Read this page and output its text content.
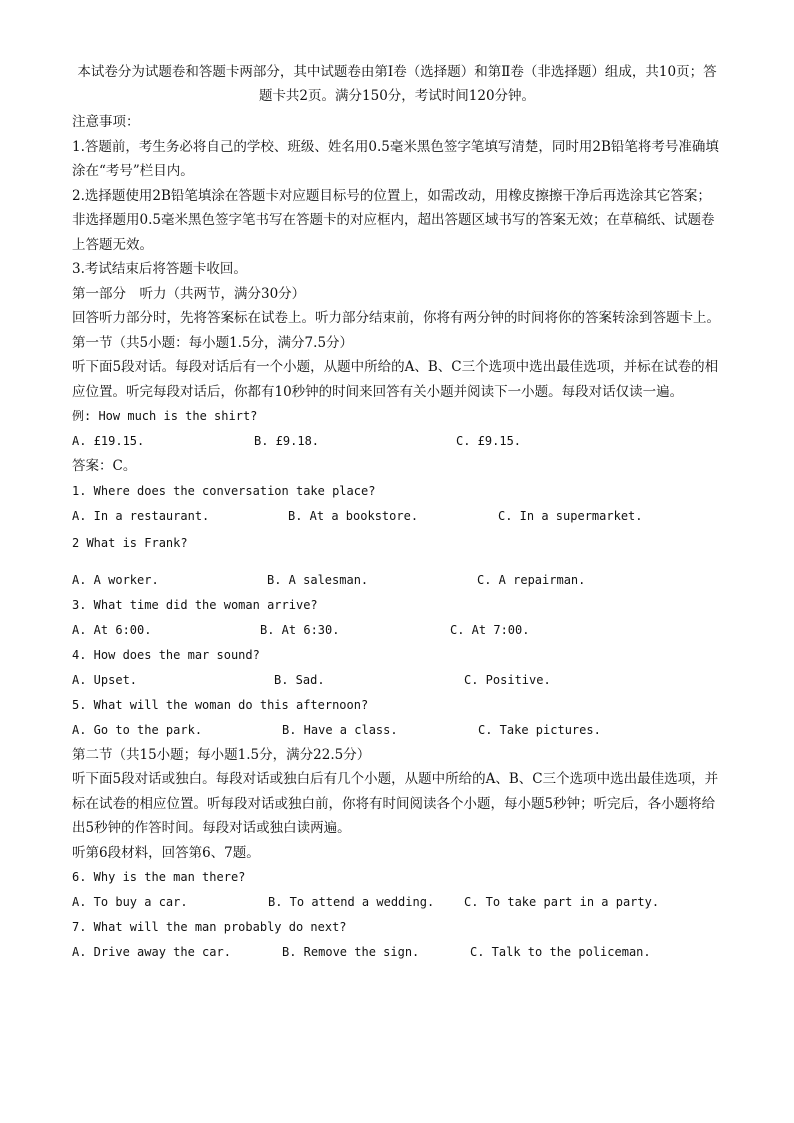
本试卷分为试题卷和答题卡两部分，其中试题卷由第Ⅰ卷（选择题）和第Ⅱ卷（非选择题）组成，共10页；答题卡共2页。满分150分，考试时间120分钟。

注意事项：

1.答题前，考生务必将自己的学校、班级、姓名用0.5毫米黑色签字笔填写清楚，同时用2B铅笔将考号准确填涂在“考号”栏目内。

2.选择题使用2B铅笔填涂在答题卡对应题目标号的位置上，如需改动，用橡皮擦擦干净后再选涂其它答案；非选择题用0.5毫米黑色签字笔书写在答题卡的对应框内，超出答题区域书写的答案无效；在草稿纸、试题卷上答题无效。

3.考试结束后将答题卡收回。

第一部分　听力（共两节，满分30分）

回答听力部分时，先将答案标在试卷上。听力部分结束前，你将有两分钟的时间将你的答案转涂到答题卡上。

第一节（共5小题：每小题1.5分，满分7.5分）

听下面5段对话。每段对话后有一个小题，从题中所给的A、B、C三个选项中选出最佳选项，并标在试卷的相应位置。听完每段对话后，你都有10秒钟的时间来回答有关小题并阅读下一小题。每段对话仅读一遍。

例: How much is the shirt?

A. £19.15.	B. £9.18.	C. £9.15.

答案：C。

1. Where does the conversation take place?

A. In a restaurant.	B. At a bookstore.	C. In a supermarket.

2 What is Frank?

A. A worker.	B. A salesman.	C. A repairman.

3. What time did the woman arrive?

A. At 6:00.	B. At 6:30.	C. At 7:00.

4. How does the mar sound?

A. Upset.	B. Sad.	C. Positive.

5. What will the woman do this afternoon?

A. Go to the park.	B. Have a class.	C. Take pictures.

第二节（共15小题；每小题1.5分，满分22.5分）

听下面5段对话或独白。每段对话或独白后有几个小题，从题中所给的A、B、C三个选项中选出最佳选项，并标在试卷的相应位置。听每段对话或独白前，你将有时间阅读各个小题，每小题5秒钟；听完后，各小题将给出5秒钟的作答时间。每段对话或独白读两遍。

听第6段材料，回答第6、7题。

6. Why is the man there?

A. To buy a car.	B. To attend a wedding.	C. To take part in a party.

7. What will the man probably do next?

A. Drive away the car.	B. Remove the sign.	C. Talk to the policeman.
